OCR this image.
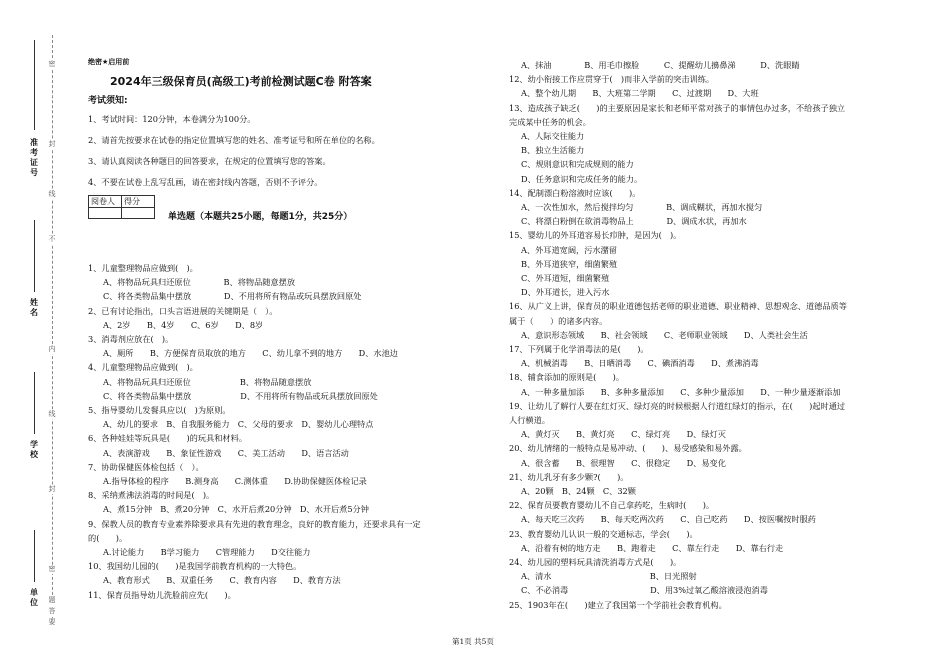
准考证号
姓名
学校
单位
密
封
线
不
内
线
封
密
题
答
要
绝密★启用前
2024年三级保育员(高级工)考前检测试题C卷 附答案
考试须知:
1、考试时间：120分钟，本卷满分为100分。
2、请首先按要求在试卷的指定位置填写您的姓名、准考证号和所在单位的名称。
3、请认真阅读各种题目的回答要求，在规定的位置填写您的答案。
4、不要在试卷上乱写乱画，请在密封线内答题，否则不予评分。
阅卷人	得分

单选题（本题共25小题，每题1分，共25分）
1、儿童整理物品应做到(　)。
A、将物品玩具归还原位　　　　B、将物品随意摆放
C、将各类物品集中摆放　　　　D、不用将所有物品或玩具摆放回原处
2、已有讨论指出，口头言语进展的关键期是（　）。
A、2岁　　B、4岁　　C、6岁　　D、8岁
3、消毒剂应放在(　)。
A、厕所　　B、方便保育员取放的地方　　C、幼儿拿不到的地方　　D、水池边
4、儿童整理物品应做到(　)。
A、将物品玩具归还原位　　　　　　B、将物品随意摆放
C、将各类物品集中摆放　　　　　　D、不用将所有物品或玩具摆放回原处
5、指导婴幼儿发餐具应以(　)为原则。
A、幼儿的要求　B、自我服务能力　C、父母的要求　D、婴幼儿心理特点
6、各种娃娃等玩具是(　　)的玩具和材料。
A、表演游戏　　B、象征性游戏　　C、美工活动　　D、语言活动
7、协助保健医体检包括（　）。
A.指导体检的程序　　B.测身高　　C.测体重　　D.协助保健医体检记录
8、采纳煮沸法消毒的时间是(　)。
A、煮15分钟　B、煮20分钟　C、水开后煮20分钟　D、水开后煮5分钟
9、保教人员的教育专业素养除要求具有先进的教育理念，良好的教育能力，还要求具有一定
的(　　)。
A.讨论能力　　B学习能力　　C管理能力　　D交往能力
10、我国幼儿园的(　　)是我国学前教育机构的一大特色。
A、教育形式　　B、双重任务　　C、教育内容　　D、教育方法
11、保育员指导幼儿洗脸前应先(　　)。
A、抹油　　　　B、用毛巾擦脸　　　C、提醒幼儿擤鼻涕　　　D、洗眼睛
12、幼小衔接工作应贯穿于(　)而非入学前的突击训练。
A、整个幼儿期　　B、大班第二学期　　C、过渡期　　D、大班
13、造成孩子缺乏(　　)的主要原因是家长和老师平常对孩子的事情包办过多，不给孩子独立
完成某中任务的机会。
A、人际交往能力
B、独立生活能力
C、规则意识和完成规则的能力
D、任务意识和完成任务的能力。
14、配制漂白粉溶液时应该(　　)。
A、一次性加水，然后搅拌均匀　　　　B、调成糊状，再加水搅匀
C、将漂白粉倒在欲消毒物品上　　　　D、调成水状，再加水
15、婴幼儿的外耳道容易长疖肿，是因为(　)。
A、外耳道宽阔，污水潴留
B、外耳道狭窄，细菌繁殖
C、外耳道短，细菌繁殖
D、外耳道长，进入污水
16、从广义上讲，保育员的职业道德包括老师的职业道德、职业精神、思想观念、道德品质等
属于（　　）的诸多内容。
A、意识形态领域　　B、社会领域　　C、老师职业领域　　D、人类社会生活
17、下列属于化学消毒法的是(　　)。
A、机械消毒　　B、日晒消毒　　C、碘酒消毒　　D、煮沸消毒
18、辅食添加的原则是(　　)。
A、一种多量加添　　B、多种多量添加　　C、多种少量添加　　D、一种少量逐渐添加
19、让幼儿了解行人要在红灯灭、绿灯亮的时候根据人行道红绿灯的指示，在(　　)起时通过
人行横道。
A、黄灯灭　　B、黄灯亮　　C、绿灯亮　　D、绿灯灭
20、幼儿情绪的一般特点是易冲动、(　　)、易受感染和易外露。
A、很含蓄　　B、很理智　　C、很稳定　　D、易变化
21、幼儿乳牙有多少颗?(　　)。
A、20颗　B、24颗　C、32颗
22、保育员要教育婴幼儿不自己拿药吃，生病时(　　)。
A、每天吃三次药　　B、每天吃两次药　　C、自己吃药　　D、按医嘱按时服药
23、教育婴幼儿认识一般的交通标志，学会(　　)。
A、沿着有树的地方走　　B、跑着走　　C、靠左行走　　D、靠右行走
24、幼儿园的塑料玩具清洗消毒方式是(　　)。
A、清水　　　　　　　　　　　　B、日光照射
C、不必消毒　　　　　　　　　　D、用3%过氧乙酸溶液浸泡消毒
25、1903年在(　　)建立了我国第一个学前社会教育机构。
第1页 共5页
